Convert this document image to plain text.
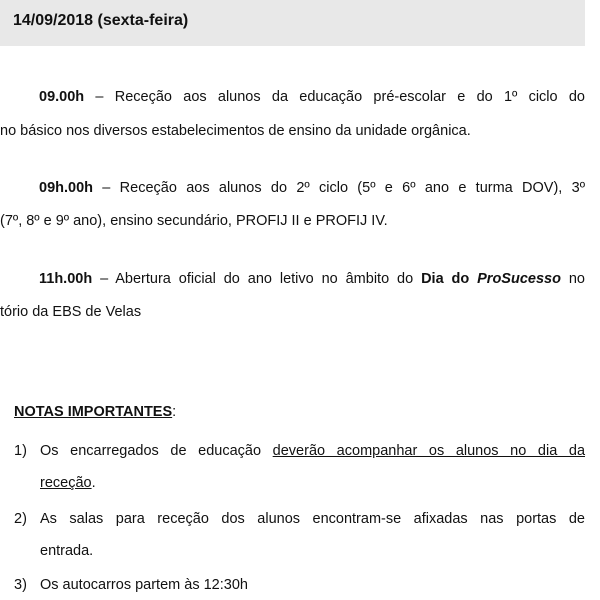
14/09/2018 (sexta-feira)
09.00h – Receção aos alunos da educação pré-escolar e do 1º ciclo do
no básico nos diversos estabelecimentos de ensino da unidade orgânica.
09h.00h – Receção aos alunos do 2º ciclo (5º e 6º ano e turma DOV), 3º
(7º, 8º e 9º ano), ensino secundário, PROFIJ II e PROFIJ IV.
11h.00h – Abertura oficial do ano letivo no âmbito do Dia do ProSucesso no
tório da EBS de Velas
NOTAS IMPORTANTES:
1) Os encarregados de educação deverão acompanhar os alunos no dia da
receção.
2) As salas para receção dos alunos encontram-se afixadas nas portas de
entrada.
3) Os autocarros partem às 12:30h
